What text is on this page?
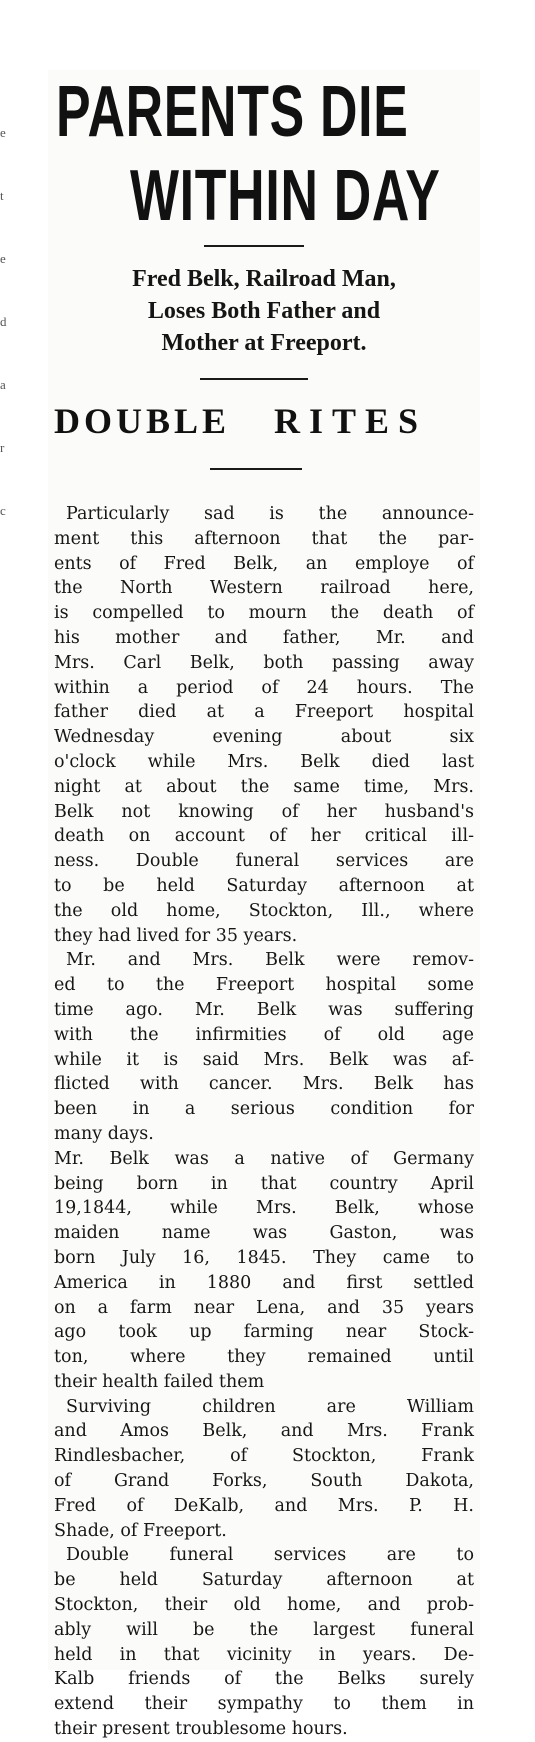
e

t

e

d

a

r

c

PARENTS DIE
WITHIN DAY
Fred Belk, Railroad Man,
Loses Both Father and
Mother at Freeport.
DOUBLE RITES

Particularly sad is the announce-
ment this afternoon that the par-
ents of Fred Belk, an employe of
the North Western railroad here,
is compelled to mourn the death of
his mother and father, Mr. and
Mrs. Carl Belk, both passing away
within a period of 24 hours. The
father died at a Freeport hospital
Wednesday evening about six
o'clock while Mrs. Belk died last
night at about the same time, Mrs.
Belk not knowing of her husband's
death on account of her critical ill-
ness. Double funeral services are
to be held Saturday afternoon at
the old home, Stockton, Ill., where
they had lived for 35 years.

Mr. and Mrs. Belk were remov-
ed to the Freeport hospital some
time ago. Mr. Belk was suffering
with the infirmities of old age
while it is said Mrs. Belk was af-
flicted with cancer. Mrs. Belk has
been in a serious condition for
many days.

Mr. Belk was a native of Germany
being born in that country April
19,1844, while Mrs. Belk, whose
maiden name was Gaston, was
born July 16, 1845. They came to
America in 1880 and first settled
on a farm near Lena, and 35 years
ago took up farming near Stock-
ton, where they remained until
their health failed them

Surviving children are William
and Amos Belk, and Mrs. Frank
Rindlesbacher, of Stockton, Frank
of Grand Forks, South Dakota,
Fred of DeKalb, and Mrs. P. H.
Shade, of Freeport.

Double funeral services are to
be held Saturday afternoon at
Stockton, their old home, and prob-
ably will be the largest funeral
held in that vicinity in years. De-
Kalb friends of the Belks surely
extend their sympathy to them in
their present troublesome hours.
